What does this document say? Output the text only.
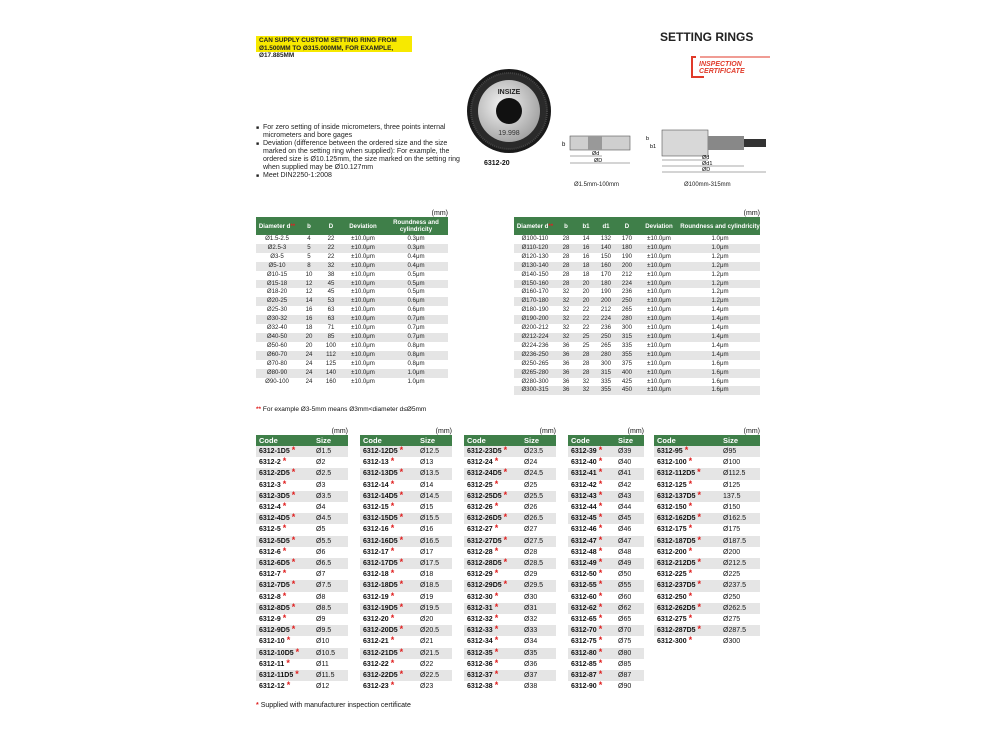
CAN SUPPLY CUSTOM SETTING RING FROM Ø1.500MM TO Ø315.000MM, FOR EXAMPLE, Ø17.885MM
SETTING RINGS
INSPECTION
CERTIFICATE
INSIZE
19.998
6312-20
■ For zero setting of inside micrometers, three points internal micrometers and bore gages
■ Deviation (difference between the ordered size and the size marked on the setting ring when supplied): For example, the ordered size is Ø10.125mm, the size marked on the setting ring when supplied may be Ø10.127mm
■ Meet DIN2250-1:2008
b
Ød
ØD
Ø1.5mm-100mm
b
b1
Ød
Ød1
ØD
Ø100mm-315mm
(mm)
Diameter d**	b	D	Deviation	Roundness and cylindricity
Ø1.5-2.5	4	22	±10.0μm	0.3μm
Ø2.5-3	5	22	±10.0μm	0.3μm
Ø3-5	5	22	±10.0μm	0.4μm
Ø5-10	8	32	±10.0μm	0.4μm
Ø10-15	10	38	±10.0μm	0.5μm
Ø15-18	12	45	±10.0μm	0.5μm
Ø18-20	12	45	±10.0μm	0.5μm
Ø20-25	14	53	±10.0μm	0.6μm
Ø25-30	16	63	±10.0μm	0.6μm
Ø30-32	16	63	±10.0μm	0.7μm
Ø32-40	18	71	±10.0μm	0.7μm
Ø40-50	20	85	±10.0μm	0.7μm
Ø50-60	20	100	±10.0μm	0.8μm
Ø60-70	24	112	±10.0μm	0.8μm
Ø70-80	24	125	±10.0μm	0.8μm
Ø80-90	24	140	±10.0μm	1.0μm
Ø90-100	24	160	±10.0μm	1.0μm
(mm)
Diameter d**	b	b1	d1	D	Deviation	Roundness and cylindricity
Ø100-110	28	14	132	170	±10.0μm	1.0μm
Ø110-120	28	16	140	180	±10.0μm	1.0μm
Ø120-130	28	16	150	190	±10.0μm	1.2μm
Ø130-140	28	18	160	200	±10.0μm	1.2μm
Ø140-150	28	18	170	212	±10.0μm	1.2μm
Ø150-160	28	20	180	224	±10.0μm	1.2μm
Ø160-170	32	20	190	236	±10.0μm	1.2μm
Ø170-180	32	20	200	250	±10.0μm	1.2μm
Ø180-190	32	22	212	265	±10.0μm	1.4μm
Ø190-200	32	22	224	280	±10.0μm	1.4μm
Ø200-212	32	22	236	300	±10.0μm	1.4μm
Ø212-224	32	25	250	315	±10.0μm	1.4μm
Ø224-236	36	25	265	335	±10.0μm	1.4μm
Ø236-250	36	28	280	355	±10.0μm	1.4μm
Ø250-265	36	28	300	375	±10.0μm	1.6μm
Ø265-280	36	28	315	400	±10.0μm	1.6μm
Ø280-300	36	32	335	425	±10.0μm	1.6μm
Ø300-315	36	32	355	450	±10.0μm	1.6μm
** For example Ø3-5mm means Ø3mm<diameter d≤Ø5mm
(mm)
Code	Size
6312-1D5 *	Ø1.5
6312-2 *	Ø2
6312-2D5 *	Ø2.5
6312-3 *	Ø3
6312-3D5 *	Ø3.5
6312-4 *	Ø4
6312-4D5 *	Ø4.5
6312-5 *	Ø5
6312-5D5 *	Ø5.5
6312-6 *	Ø6
6312-6D5 *	Ø6.5
6312-7 *	Ø7
6312-7D5 *	Ø7.5
6312-8 *	Ø8
6312-8D5 *	Ø8.5
6312-9 *	Ø9
6312-9D5 *	Ø9.5
6312-10 *	Ø10
6312-10D5 *	Ø10.5
6312-11 *	Ø11
6312-11D5 *	Ø11.5
6312-12 *	Ø12
(mm)
Code	Size
6312-12D5 *	Ø12.5
6312-13 *	Ø13
6312-13D5 *	Ø13.5
6312-14 *	Ø14
6312-14D5 *	Ø14.5
6312-15 *	Ø15
6312-15D5 *	Ø15.5
6312-16 *	Ø16
6312-16D5 *	Ø16.5
6312-17 *	Ø17
6312-17D5 *	Ø17.5
6312-18 *	Ø18
6312-18D5 *	Ø18.5
6312-19 *	Ø19
6312-19D5 *	Ø19.5
6312-20 *	Ø20
6312-20D5 *	Ø20.5
6312-21 *	Ø21
6312-21D5 *	Ø21.5
6312-22 *	Ø22
6312-22D5 *	Ø22.5
6312-23 *	Ø23
(mm)
Code	Size
6312-23D5 *	Ø23.5
6312-24 *	Ø24
6312-24D5 *	Ø24.5
6312-25 *	Ø25
6312-25D5 *	Ø25.5
6312-26 *	Ø26
6312-26D5 *	Ø26.5
6312-27 *	Ø27
6312-27D5 *	Ø27.5
6312-28 *	Ø28
6312-28D5 *	Ø28.5
6312-29 *	Ø29
6312-29D5 *	Ø29.5
6312-30 *	Ø30
6312-31 *	Ø31
6312-32 *	Ø32
6312-33 *	Ø33
6312-34 *	Ø34
6312-35 *	Ø35
6312-36 *	Ø36
6312-37 *	Ø37
6312-38 *	Ø38
(mm)
Code	Size
6312-39 *	Ø39
6312-40 *	Ø40
6312-41 *	Ø41
6312-42 *	Ø42
6312-43 *	Ø43
6312-44 *	Ø44
6312-45 *	Ø45
6312-46 *	Ø46
6312-47 *	Ø47
6312-48 *	Ø48
6312-49 *	Ø49
6312-50 *	Ø50
6312-55 *	Ø55
6312-60 *	Ø60
6312-62 *	Ø62
6312-65 *	Ø65
6312-70 *	Ø70
6312-75 *	Ø75
6312-80 *	Ø80
6312-85 *	Ø85
6312-87 *	Ø87
6312-90 *	Ø90
(mm)
Code	Size
6312-95 *	Ø95
6312-100 *	Ø100
6312-112D5 *	Ø112.5
6312-125 *	Ø125
6312-137D5 *	137.5
6312-150 *	Ø150
6312-162D5 *	Ø162.5
6312-175 *	Ø175
6312-187D5 *	Ø187.5
6312-200 *	Ø200
6312-212D5 *	Ø212.5
6312-225 *	Ø225
6312-237D5 *	Ø237.5
6312-250 *	Ø250
6312-262D5 *	Ø262.5
6312-275 *	Ø275
6312-287D5 *	Ø287.5
6312-300 *	Ø300
* Supplied with manufacturer inspection certificate
